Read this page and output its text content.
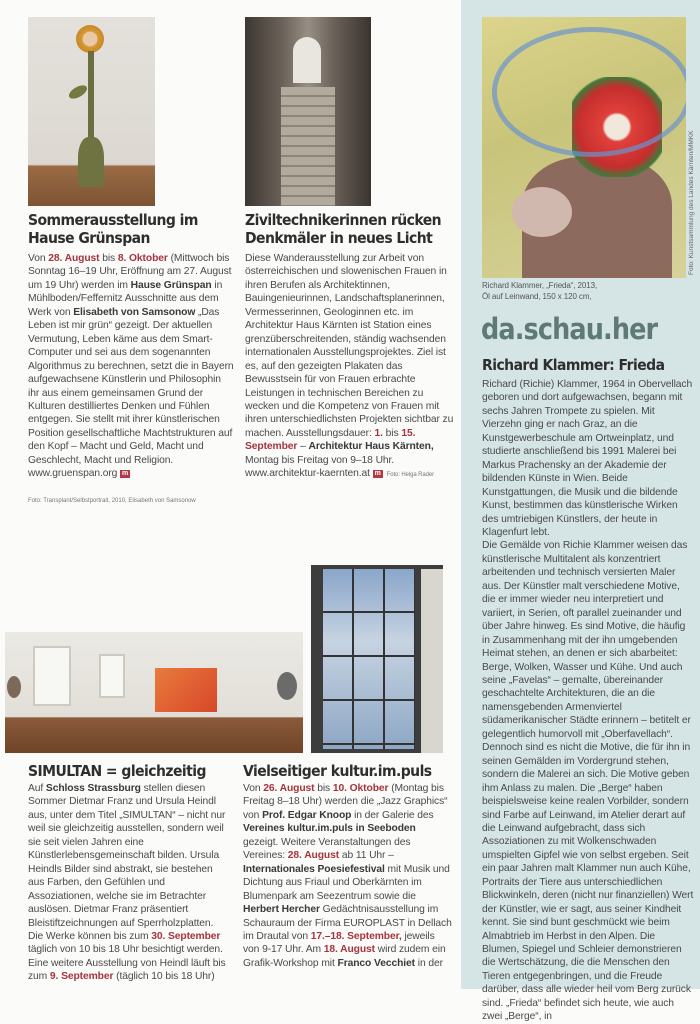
Foto: Kunstsammlung des Landes Kärnten/MMKK
Sommerausstellung im Hause Grünspan
Von 28. August bis 8. Oktober (Mittwoch bis Sonntag 16–19 Uhr, Eröffnung am 27. August um 19 Uhr) werden im Hause Grünspan in Mühlboden/Feffernitz Ausschnitte aus dem Werk von Elisabeth von Samsonow „Das Leben ist mir grün“ gezeigt. Der aktuellen Vermutung, Leben käme aus dem Smart-Computer und sei aus dem sogenannten Algorithmus zu berechnen, setzt die in Bayern aufgewachsene Künstlerin und Philosophin ihr aus einem gemeinsamen Grund der Kulturen destilliertes Denken und Fühlen entgegen. Sie stellt mit ihrer künstlerischen Position gesellschaftliche Machtstrukturen auf den Kopf – Macht und Geld, Macht und Geschlecht, Macht und Religion. www.gruenspan.org m
Foto: Transplant/Selbstportrait, 2010, Elisabeth von Samsonow
Ziviltechnikerinnen rücken Denkmäler in neues Licht
Diese Wanderausstellung zur Arbeit von österreichischen und slowenischen Frauen in ihren Berufen als Architektinnen, Bauingenieurinnen, Landschaftsplanerinnen, Vermesserinnen, Geologinnen etc. im Architektur Haus Kärnten ist Station eines grenzüberschreitenden, ständig wachsenden internationalen Ausstellungsprojektes. Ziel ist es, auf den gezeigten Plakaten das Bewusstsein für von Frauen erbrachte Leistungen in technischen Bereichen zu wecken und die Kompetenz von Frauen mit ihren unterschiedlichsten Projekten sichtbar zu machen. Ausstellungsdauer: 1. bis 15. September – Architektur Haus Kärnten, Montag bis Freitag von 9–18 Uhr. www.architektur-kaernten.at m Foto: Helga Rader
SIMULTAN = gleichzeitig
Auf Schloss Strassburg stellen diesen Sommer Dietmar Franz und Ursula Heindl aus, unter dem Titel „SIMULTAN“ – nicht nur weil sie gleichzeitig ausstellen, sondern weil sie seit vielen Jahren eine Künstlerlebensgemeinschaft bilden. Ursula Heindls Bilder sind abstrakt, sie bestehen aus Farben, den Gefühlen und Assoziationen, welche sie im Betrachter auslösen. Dietmar Franz präsentiert Bleistiftzeichnungen auf Sperrholzplatten. Die Werke können bis zum 30. September täglich von 10 bis 18 Uhr besichtigt werden. Eine weitere Ausstellung von Heindl läuft bis zum 9. September (täglich 10 bis 18 Uhr)
Vielseitiger kultur.im.puls
Von 26. August bis 10. Oktober (Montag bis Freitag 8–18 Uhr) werden die „Jazz Graphics“ von Prof. Edgar Knoop in der Galerie des Vereines kultur.im.puls in Seeboden gezeigt. Weitere Veranstaltungen des Vereines: 28. August ab 11 Uhr – Internationales Poesiefestival mit Musik und Dichtung aus Friaul und Oberkärnten im Blumenpark am Seezentrum sowie die Herbert Hercher Gedächtnisausstellung im Schauraum der Firma EUROPLAST in Dellach im Drautal von 17.–18. September, jeweils von 9-17 Uhr. Am 18. August wird zudem ein Grafik-Workshop mit Franco Vecchiet in der
Richard Klammer, „Frieda“, 2013,
Öl auf Leinwand, 150 x 120 cm,
da.schau.her
Richard Klammer: Frieda
Richard (Richie) Klammer, 1964 in Obervellach geboren und dort aufgewachsen, begann mit sechs Jahren Trompete zu spielen. Mit Vierzehn ging er nach Graz, an die Kunstgewerbeschule am Ortweinplatz, und studierte anschließend bis 1991 Malerei bei Markus Prachensky an der Akademie der bildenden Künste in Wien. Beide Kunstgattungen, die Musik und die bildende Kunst, bestimmen das künstlerische Wirken des umtriebigen Künstlers, der heute in Klagenfurt lebt.
Die Gemälde von Richie Klammer weisen das künstlerische Multitalent als konzentriert arbeitenden und technisch versierten Maler aus. Der Künstler malt verschiedene Motive, die er immer wieder neu interpretiert und variiert, in Serien, oft parallel zueinander und über Jahre hinweg. Es sind Motive, die häufig in Zusammenhang mit der ihn umgebenden Heimat stehen, an denen er sich abarbeitet: Berge, Wolken, Wasser und Kühe. Und auch seine „Favelas“ – gemalte, übereinander geschachtelte Architekturen, die an die namensgebenden Armenviertel südamerikanischer Städte erinnern – betitelt er gelegentlich humorvoll mit „Oberfavellach“. Dennoch sind es nicht die Motive, die für ihn in seinen Gemälden im Vordergrund stehen, sondern die Malerei an sich. Die Motive geben ihm Anlass zu malen. Die „Berge“ haben beispielsweise keine realen Vorbilder, sondern sind Farbe auf Leinwand, im Atelier derart auf die Leinwand aufgebracht, dass sich Assoziationen zu mit Wolkenschwaden umspielten Gipfel wie von selbst ergeben. Seit ein paar Jahren malt Klammer nun auch Kühe, Portraits der Tiere aus unterschiedlichen Blickwinkeln, deren (nicht nur finanziellen) Wert der Künstler, wie er sagt, aus seiner Kindheit kennt. Sie sind bunt geschmückt wie beim Almabtrieb im Herbst in den Alpen. Die Blumen, Spiegel und Schleier demonstrieren die Wertschätzung, die die Menschen den Tieren entgegenbringen, und die Freude darüber, dass alle wieder heil vom Berg zurück sind. „Frieda“ befindet sich heute, wie auch zwei „Berge“, in
